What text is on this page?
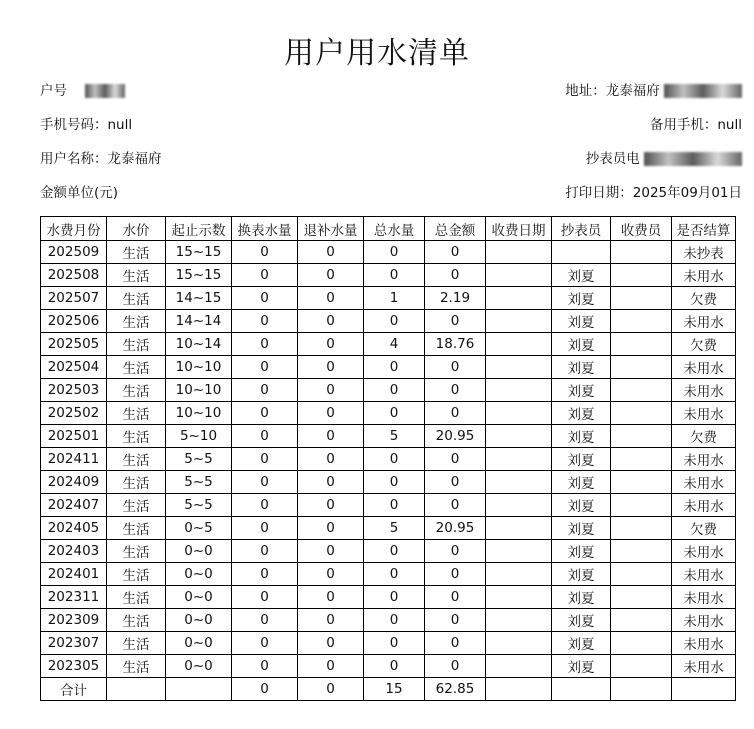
用户用水清单
户号	地址：龙泰福府
手机号码：null	备用手机：null
用户名称：龙泰福府	抄表员电
金额单位(元)	打印日期：2025年09月01日
水费月份	水价	起止示数	换表水量	退补水量	总水量	总金额	收费日期	抄表员	收费员	是否结算
202509	生活	15~15	0	0	0	0				未抄表
202508	生活	15~15	0	0	0	0		刘夏		未用水
202507	生活	14~15	0	0	1	2.19		刘夏		欠费
202506	生活	14~14	0	0	0	0		刘夏		未用水
202505	生活	10~14	0	0	4	18.76		刘夏		欠费
202504	生活	10~10	0	0	0	0		刘夏		未用水
202503	生活	10~10	0	0	0	0		刘夏		未用水
202502	生活	10~10	0	0	0	0		刘夏		未用水
202501	生活	5~10	0	0	5	20.95		刘夏		欠费
202411	生活	5~5	0	0	0	0		刘夏		未用水
202409	生活	5~5	0	0	0	0		刘夏		未用水
202407	生活	5~5	0	0	0	0		刘夏		未用水
202405	生活	0~5	0	0	5	20.95		刘夏		欠费
202403	生活	0~0	0	0	0	0		刘夏		未用水
202401	生活	0~0	0	0	0	0		刘夏		未用水
202311	生活	0~0	0	0	0	0		刘夏		未用水
202309	生活	0~0	0	0	0	0		刘夏		未用水
202307	生活	0~0	0	0	0	0		刘夏		未用水
202305	生活	0~0	0	0	0	0		刘夏		未用水
合计			0	0	15	62.85				
